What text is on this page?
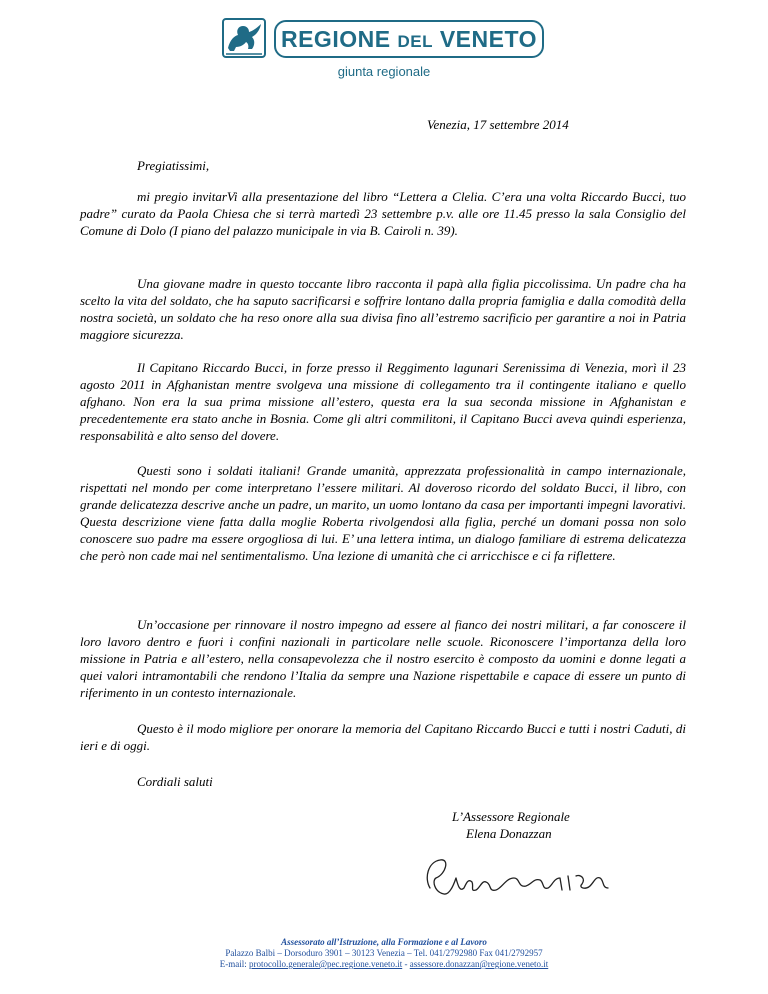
REGIONE DEL VENETO
giunta regionale
Venezia, 17 settembre 2014

Pregiatissimi,

mi pregio invitarVi alla presentazione del libro “Lettera a Clelia. C’era una volta Riccardo Bucci, tuo padre” curato da Paola Chiesa che si terrà martedì 23 settembre p.v. alle ore 11.45 presso la sala Consiglio del Comune di Dolo (I piano del palazzo municipale in via B. Cairoli n. 39).

Una giovane madre in questo toccante libro racconta il papà alla figlia piccolissima. Un padre cha ha scelto la vita del soldato, che ha saputo sacrificarsi e soffrire lontano dalla propria famiglia e dalla comodità della nostra società, un soldato che ha reso onore alla sua divisa fino all’estremo sacrificio per garantire a noi in Patria maggiore sicurezza.

Il Capitano Riccardo Bucci, in forze presso il Reggimento lagunari Serenissima di Venezia, morì il 23 agosto 2011 in Afghanistan mentre svolgeva una missione di collegamento tra il contingente italiano e quello afghano. Non era la sua prima missione all’estero, questa era la sua seconda missione in Afghanistan e precedentemente era stato anche in Bosnia. Come gli altri commilitoni, il Capitano Bucci aveva quindi esperienza, responsabilità e alto senso del dovere.

Questi sono i soldati italiani! Grande umanità, apprezzata professionalità in campo internazionale, rispettati nel mondo per come interpretano l’essere militari. Al doveroso ricordo del soldato Bucci, il libro, con grande delicatezza descrive anche un padre, un marito, un uomo lontano da casa per importanti impegni lavorativi. Questa descrizione viene fatta dalla moglie Roberta rivolgendosi alla figlia, perché un domani possa non solo conoscere suo padre ma essere orgogliosa di lui. E’ una lettera intima, un dialogo familiare di estrema delicatezza che però non cade mai nel sentimentalismo. Una lezione di umanità che ci arricchisce e ci fa riflettere.

Un’occasione per rinnovare il nostro impegno ad essere al fianco dei nostri militari, a far conoscere il loro lavoro dentro e fuori i confini nazionali in particolare nelle scuole. Riconoscere l’importanza della loro missione in Patria e all’estero, nella consapevolezza che il nostro esercito è composto da uomini e donne legati a quei valori intramontabili che rendono l’Italia da sempre una Nazione rispettabile e capace di essere un punto di riferimento in un contesto internazionale.

Questo è il modo migliore per onorare la memoria del Capitano Riccardo Bucci e tutti i nostri Caduti, di ieri e di oggi.

Cordiali saluti

L’Assessore Regionale
Elena Donazzan
Assessorato all’Istruzione, alla Formazione e al Lavoro
Palazzo Balbi – Dorsoduro 3901 – 30123 Venezia – Tel. 041/2792980 Fax 041/2792957
E-mail: protocollo.generale@pec.regione.veneto.it - assessore.donazzan@regione.veneto.it
